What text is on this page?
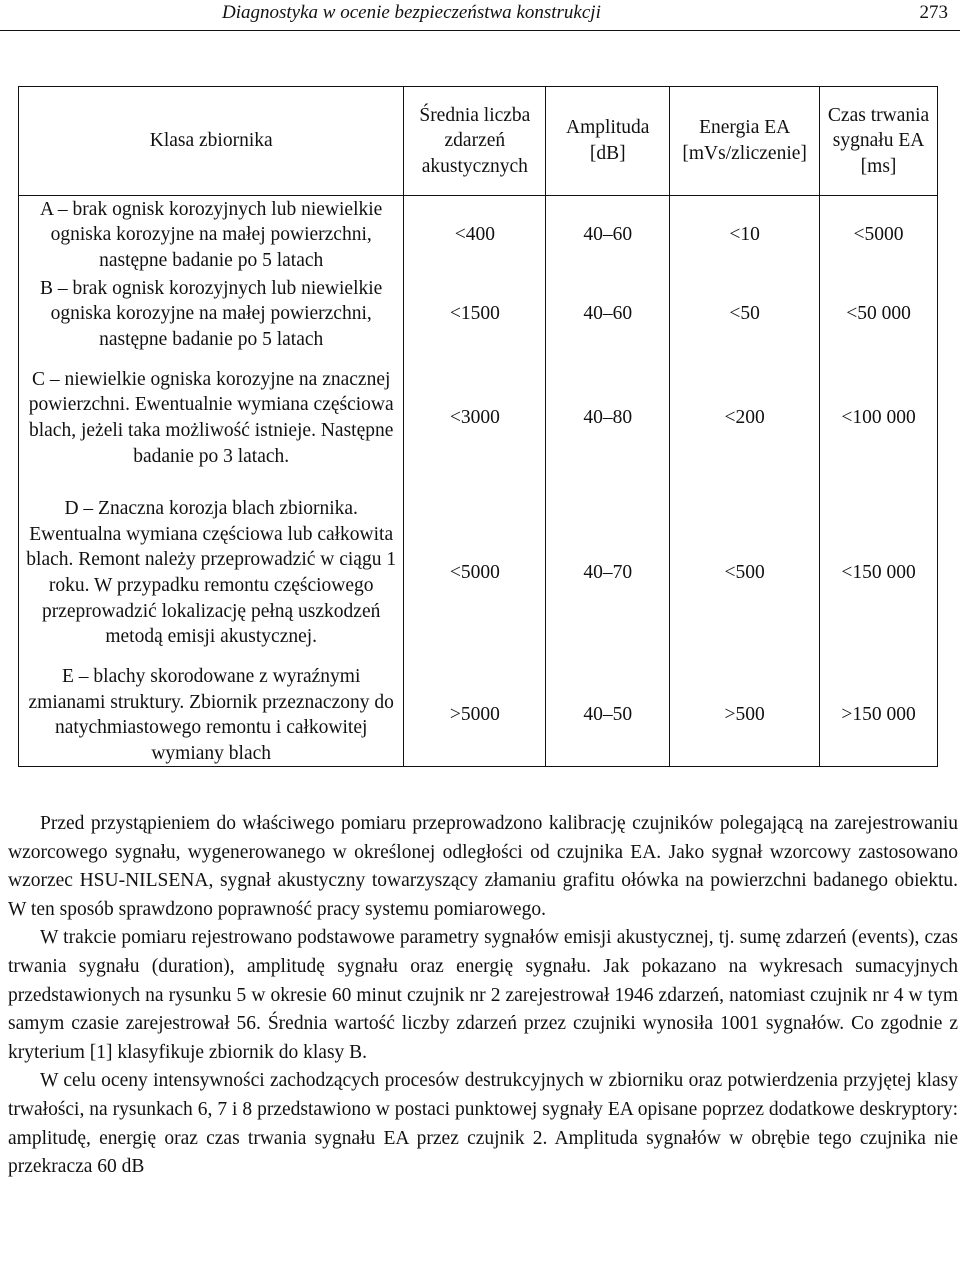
Diagnostyka w ocenie bezpieczeństwa konstrukcji	273
Klasa zbiornika	Średnia liczba zdarzeń akustycznych	Amplituda [dB]	Energia EA [mVs/zliczenie]	Czas trwania sygnału EA [ms]
A – brak ognisk korozyjnych lub niewielkie ogniska korozyjne na małej powierzchni, następne badanie po 5 latach	<400	40–60	<10	<5000
B – brak ognisk korozyjnych lub niewielkie ogniska korozyjne na małej powierzchni, następne badanie po 5 latach	<1500	40–60	<50	<50 000
C – niewielkie ogniska korozyjne na znacznej powierzchni. Ewentualnie wymiana częściowa blach, jeżeli taka możliwość istnieje. Następne badanie po 3 latach.	<3000	40–80	<200	<100 000
D – Znaczna korozja blach zbiornika. Ewentualna wymiana częściowa lub całkowita blach. Remont należy przeprowadzić w ciągu 1 roku. W przypadku remontu częściowego przeprowadzić lokalizację pełną uszkodzeń metodą emisji akustycznej.	<5000	40–70	<500	<150 000
E – blachy skorodowane z wyraźnymi zmianami struktury. Zbiornik przeznaczony do natychmiastowego remontu i całkowitej wymiany blach	>5000	40–50	>500	>150 000

Przed przystąpieniem do właściwego pomiaru przeprowadzono kalibrację czujników polegającą na zarejestrowaniu wzorcowego sygnału, wygenerowanego w określonej odległości od czujnika EA. Jako sygnał wzorcowy zastosowano wzorzec HSU-NILSENA, sygnał akustyczny towarzyszący złamaniu grafitu ołówka na powierzchni badanego obiektu. W ten sposób sprawdzono poprawność pracy systemu pomiarowego.

W trakcie pomiaru rejestrowano podstawowe parametry sygnałów emisji akustycznej, tj. sumę zdarzeń (events), czas trwania sygnału (duration), amplitudę sygnału oraz energię sygnału. Jak pokazano na wykresach sumacyjnych przedstawionych na rysunku 5 w okresie 60 minut czujnik nr 2 zarejestrował 1946 zdarzeń, natomiast czujnik nr 4 w tym samym czasie zarejestrował 56. Średnia wartość liczby zdarzeń przez czujniki wynosiła 1001 sygnałów. Co zgodnie z kryterium [1] klasyfikuje zbiornik do klasy B.

W celu oceny intensywności zachodzących procesów destrukcyjnych w zbiorniku oraz potwierdzenia przyjętej klasy trwałości, na rysunkach 6, 7 i 8 przedstawiono w postaci punktowej sygnały EA opisane poprzez dodatkowe deskryptory: amplitudę, energię oraz czas trwania sygnału EA przez czujnik 2. Amplituda sygnałów w obrębie tego czujnika nie przekracza 60 dB
